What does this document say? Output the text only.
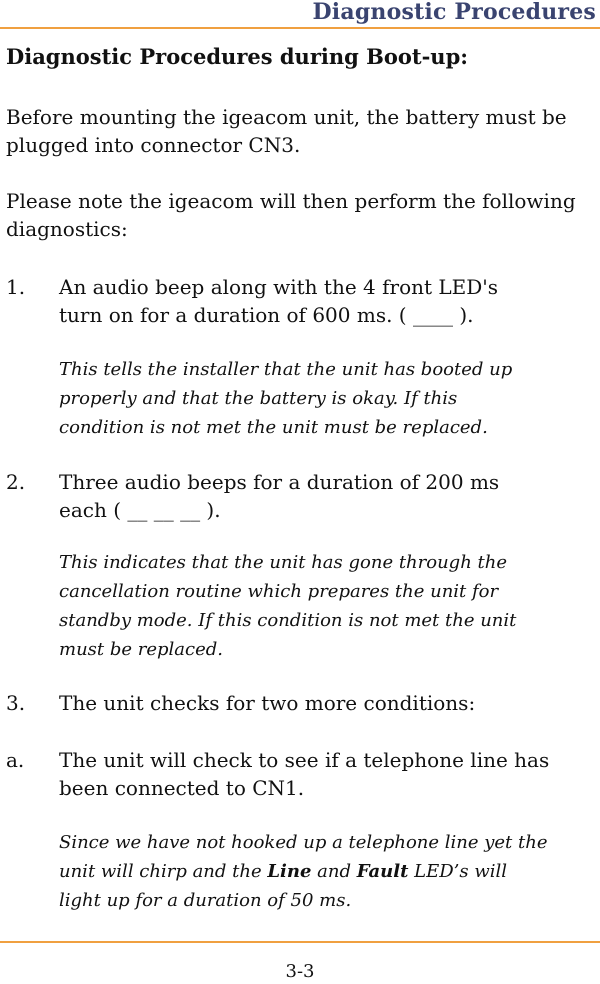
Diagnostic Procedures
Diagnostic Procedures during Boot-up:
Before mounting the igeacom unit, the battery must be
plugged into connector CN3.
Please note the igeacom will then perform the following
diagnostics:
1. An audio beep along with the 4 front LED's
turn on for a duration of 600 ms. ( ____ ).
This tells the installer that the unit has booted up
properly and that the battery is okay. If this
condition is not met the unit must be replaced.
2. Three audio beeps for a duration of 200 ms
each ( __ __ __ ).
This indicates that the unit has gone through the
cancellation routine which prepares the unit for
standby mode. If this condition is not met the unit
must be replaced.
3. The unit checks for two more conditions:
a. The unit will check to see if a telephone line has
been connected to CN1.
Since we have not hooked up a telephone line yet the
unit will chirp and the Line and Fault LED’s will
light up for a duration of 50 ms.
3-3
